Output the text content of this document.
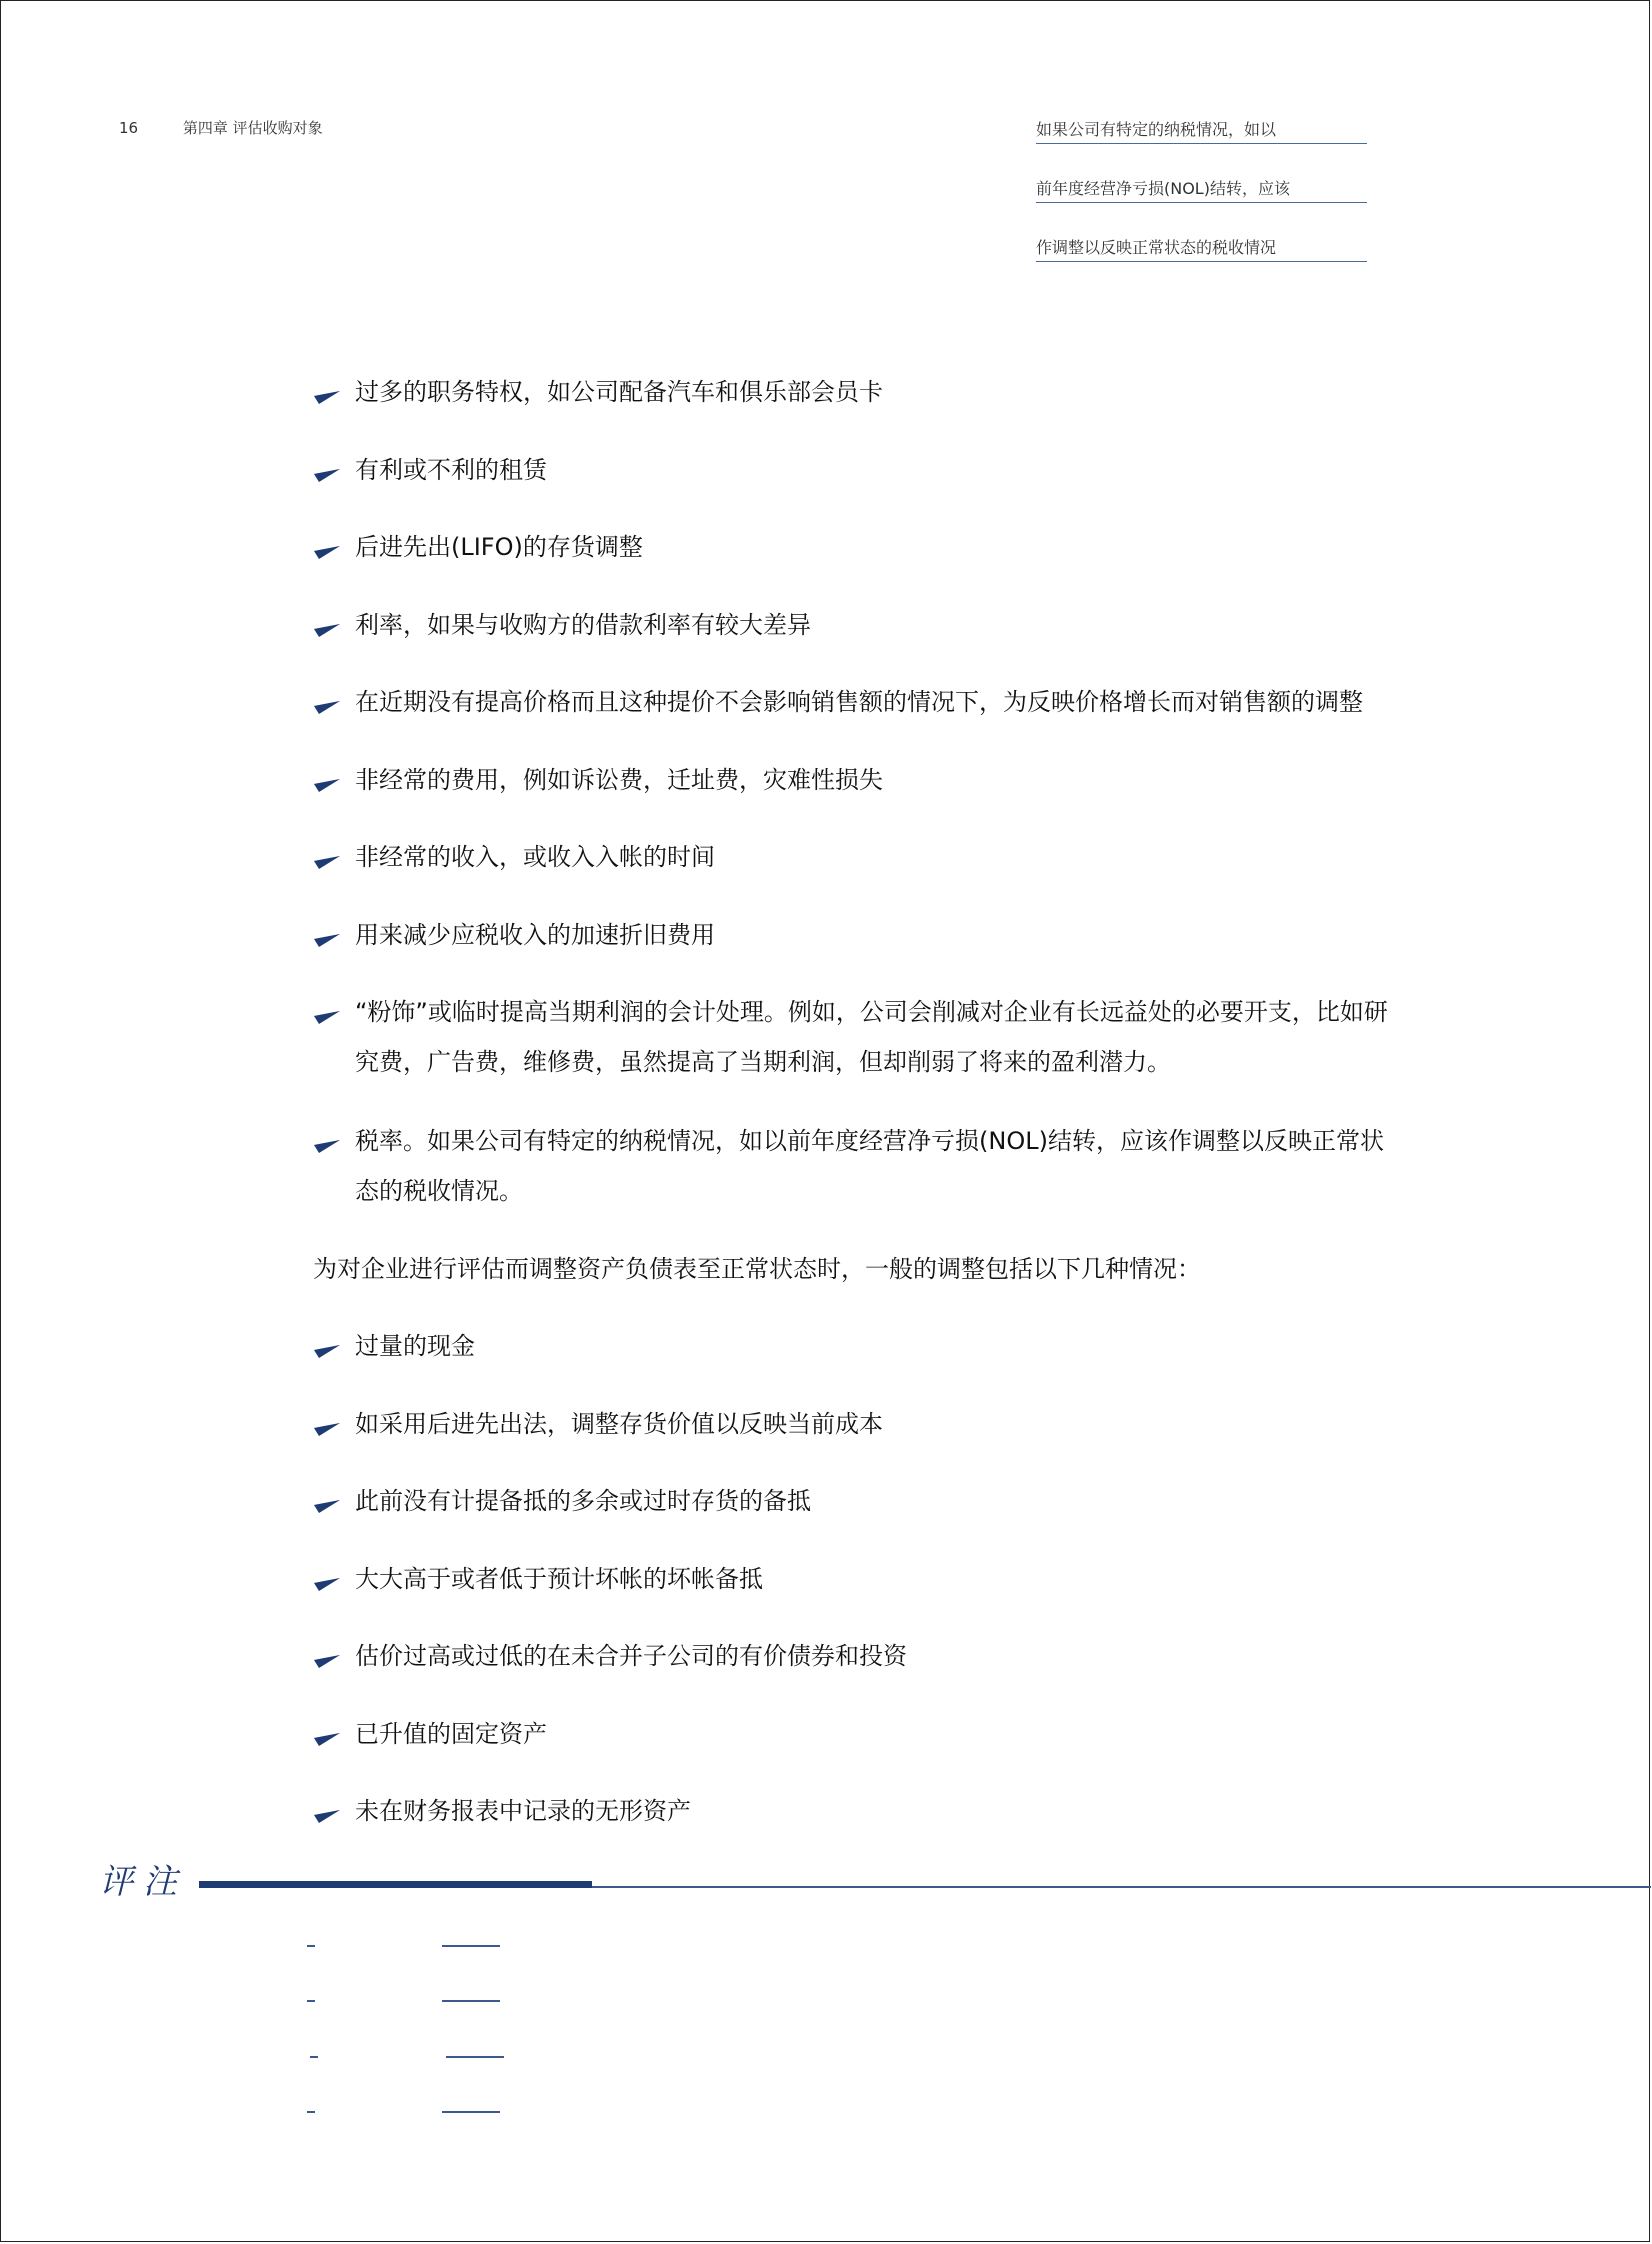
16	第四章 评估收购对象	如果公司有特定的纳税情况，如以
前年度经营净亏损(NOL)结转，应该
作调整以反映正常状态的税收情况
过多的职务特权，如公司配备汽车和俱乐部会员卡
有利或不利的租赁
后进先出(LIFO)的存货调整
利率，如果与收购方的借款利率有较大差异
在近期没有提高价格而且这种提价不会影响销售额的情况下，为反映价格增长而对销售额的调整
非经常的费用，例如诉讼费，迁址费，灾难性损失
非经常的收入，或收入入帐的时间
用来减少应税收入的加速折旧费用
“粉饰”或临时提高当期利润的会计处理。例如，公司会削减对企业有长远益处的必要开支，比如研究费，广告费，维修费，虽然提高了当期利润，但却削弱了将来的盈利潜力。
税率。如果公司有特定的纳税情况，如以前年度经营净亏损(NOL)结转，应该作调整以反映正常状态的税收情况。
为对企业进行评估而调整资产负债表至正常状态时，一般的调整包括以下几种情况：
过量的现金
如采用后进先出法，调整存货价值以反映当前成本
此前没有计提备抵的多余或过时存货的备抵
大大高于或者低于预计坏帐的坏帐备抵
估价过高或过低的在未合并子公司的有价债券和投资
已升值的固定资产
未在财务报表中记录的无形资产
评注
